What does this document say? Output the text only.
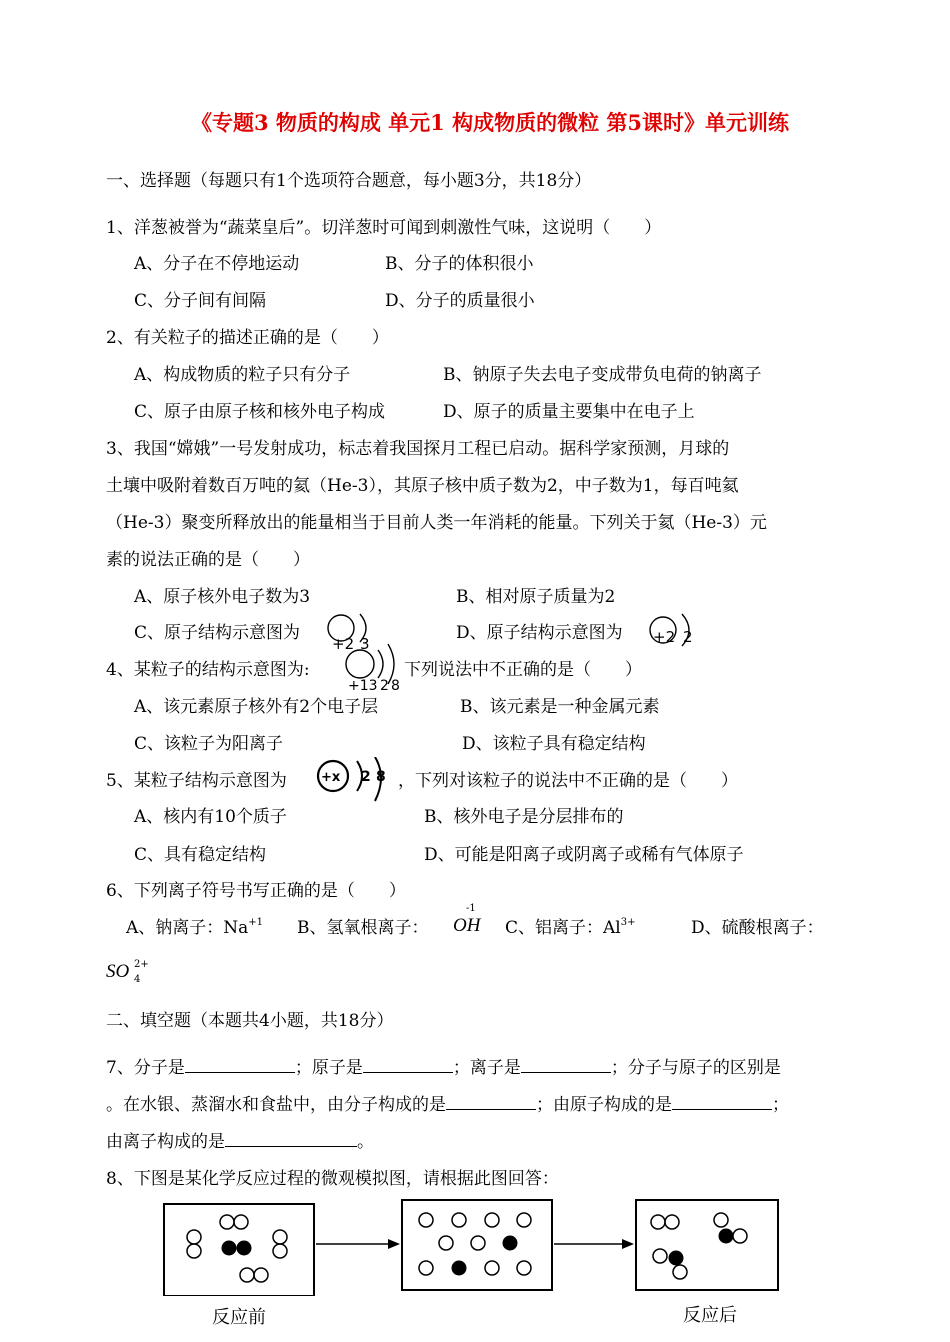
《专题3 物质的构成 单元1 构成物质的微粒 第5课时》单元训练
一、选择题（每题只有1个选项符合题意，每小题3分，共18分）
1、洋葱被誉为“蔬菜皇后”。切洋葱时可闻到刺激性气味，这说明（　　）
A、分子在不停地运动	B、分子的体积很小
C、分子间有间隔	D、分子的质量很小
2、有关粒子的描述正确的是（　　）
A、构成物质的粒子只有分子	B、钠原子失去电子变成带负电荷的钠离子
C、原子由原子核和核外电子构成	D、原子的质量主要集中在电子上
3、我国“嫦娥”一号发射成功，标志着我国探月工程已启动。据科学家预测，月球的
土壤中吸附着数百万吨的氦（He-3），其原子核中质子数为2，中子数为1，每百吨氦
（He-3）聚变所释放出的能量相当于目前人类一年消耗的能量。下列关于氦（He-3）元
素的说法正确的是（　　）
A、原子核外电子数为3	B、相对原子质量为2
C、原子结构示意图为	D、原子结构示意图为
+2 3	+2 2
4、某粒子的结构示意图为:
+13 2 8
下列说法中不正确的是（　　）
A、该元素原子核外有2个电子层	B、该元素是一种金属元素
C、该粒子为阳离子	D、该粒子具有稳定结构
5、某粒子结构示意图为	+x 2 8 ，下列对该粒子的说法中不正确的是（　　）
A、核内有10个质子	B、核外电子是分层排布的
C、具有稳定结构	D、可能是阳离子或阴离子或稀有气体原子
6、下列离子符号书写正确的是（　　）
A、钠离子：$Na^{+1}$ B、氢氧根离子：
-1
OH C、铝离子：$Al^{3+}$	D、硫酸根离子：
SO 4
2+
二、填空题（本题共4小题，共18分）
7、分子是	；原子是	；离子是	；分子与原子的区别是
。在水银、蒸溜水和食盐中，由分子构成的是	；由原子构成的是	；
由离子构成的是	。
8、下图是某化学反应过程的微观模拟图，请根据此图回答：
反应前	反应后
